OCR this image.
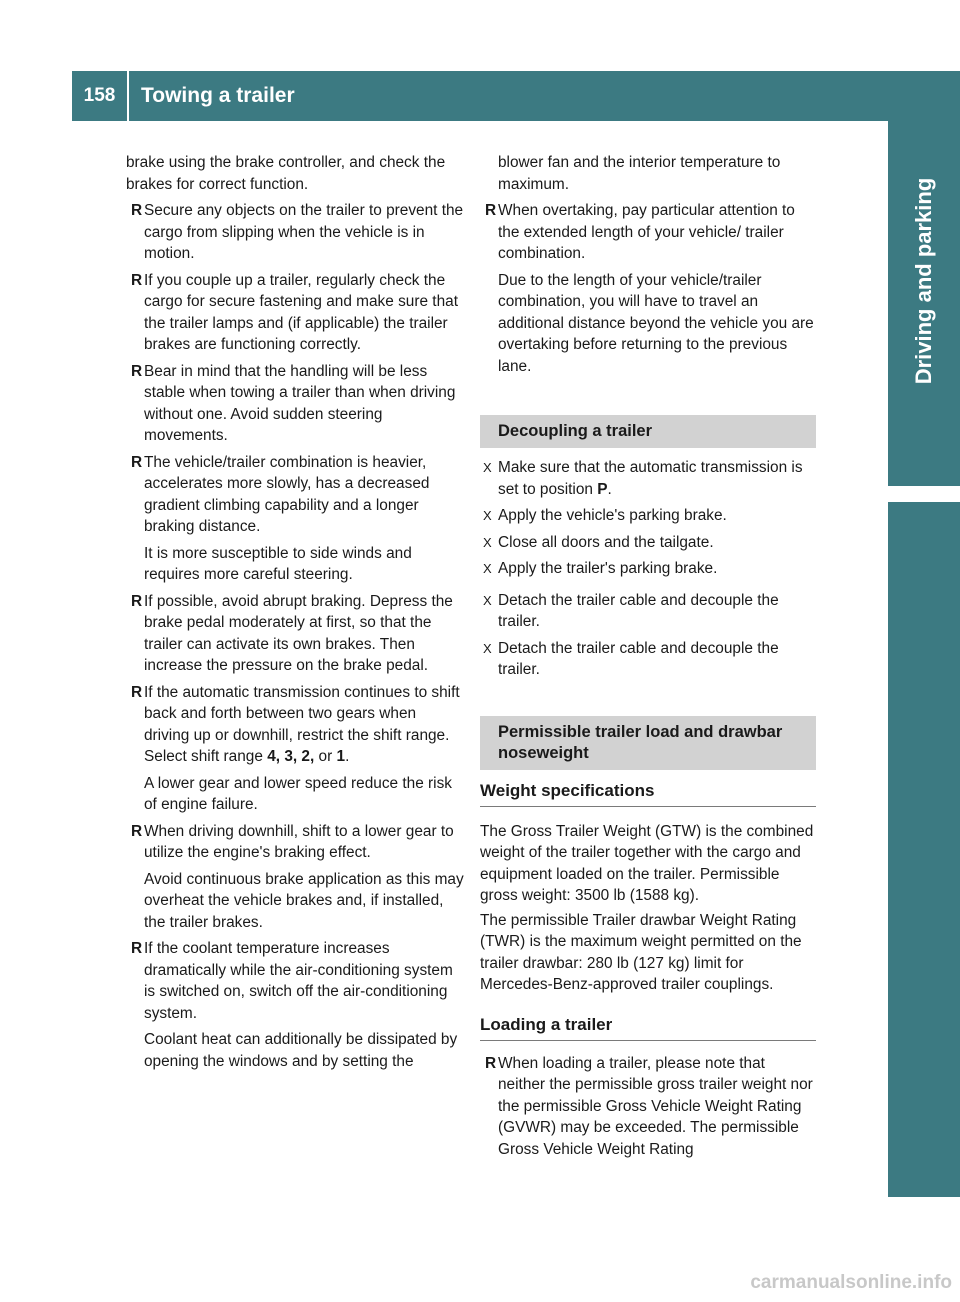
158	Towing a trailer
Driving and parking

brake using the brake controller, and check the brakes for correct function.

R Secure any objects on the trailer to prevent the cargo from slipping when the vehicle is in motion.

R If you couple up a trailer, regularly check the cargo for secure fastening and make sure that the trailer lamps and (if applicable) the trailer brakes are functioning correctly.

R Bear in mind that the handling will be less stable when towing a trailer than when driving without one. Avoid sudden steering movements.

R The vehicle/trailer combination is heavier, accelerates more slowly, has a decreased gradient climbing capability and a longer braking distance.

It is more susceptible to side winds and requires more careful steering.

R If possible, avoid abrupt braking. Depress the brake pedal moderately at first, so that the trailer can activate its own brakes. Then increase the pressure on the brake pedal.

R If the automatic transmission continues to shift back and forth between two gears when driving up or downhill, restrict the shift range. Select shift range 4, 3, 2, or 1.

A lower gear and lower speed reduce the risk of engine failure.

R When driving downhill, shift to a lower gear to utilize the engine's braking effect.

Avoid continuous brake application as this may overheat the vehicle brakes and, if installed, the trailer brakes.

R If the coolant temperature increases dramatically while the air-conditioning system is switched on, switch off the air-conditioning system.

Coolant heat can additionally be dissipated by opening the windows and by setting the

blower fan and the interior temperature to maximum.

R When overtaking, pay particular attention to the extended length of your vehicle/ trailer combination.

Due to the length of your vehicle/trailer combination, you will have to travel an additional distance beyond the vehicle you are overtaking before returning to the previous lane.

Decoupling a trailer

X Make sure that the automatic transmission is set to position P.

X Apply the vehicle's parking brake.

X Close all doors and the tailgate.

X Apply the trailer's parking brake.

X Detach the trailer cable and decouple the trailer.

X Detach the trailer cable and decouple the trailer.

Permissible trailer load and drawbar noseweight
Weight specifications

The Gross Trailer Weight (GTW) is the combined weight of the trailer together with the cargo and equipment loaded on the trailer. Permissible gross weight: 3500 lb (1588 kg).

The permissible Trailer drawbar Weight Rating (TWR) is the maximum weight permitted on the trailer drawbar: 280 lb (127 kg) limit for Mercedes-Benz-approved trailer couplings.

Loading a trailer

R When loading a trailer, please note that neither the permissible gross trailer weight nor the permissible Gross Vehicle Weight Rating (GVWR) may be exceeded. The permissible Gross Vehicle Weight Rating

carmanualsonline.info
